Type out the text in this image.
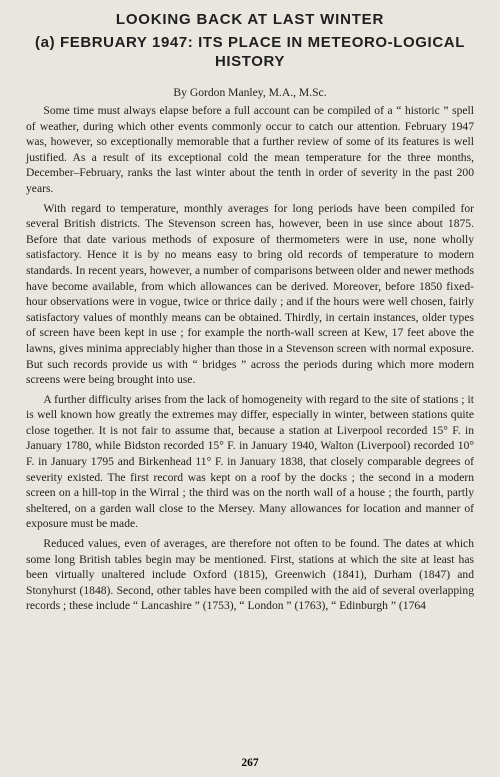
LOOKING BACK AT LAST WINTER
(a) FEBRUARY 1947: ITS PLACE IN METEORO-LOGICAL HISTORY

By Gordon Manley, M.A., M.Sc.

Some time must always elapse before a full account can be compiled of a “ historic ” spell of weather, during which other events commonly occur to catch our attention. February 1947 was, however, so exceptionally memorable that a further review of some of its features is well justified. As a result of its exceptional cold the mean temperature for the three months, December–February, ranks the last winter about the tenth in order of severity in the past 200 years.

With regard to temperature, monthly averages for long periods have been compiled for several British districts. The Stevenson screen has, however, been in use since about 1875. Before that date various methods of exposure of thermometers were in use, none wholly satisfactory. Hence it is by no means easy to bring old records of temperature to modern standards. In recent years, however, a number of comparisons between older and newer methods have become available, from which allowances can be derived. Moreover, before 1850 fixed-hour observations were in vogue, twice or thrice daily ; and if the hours were well chosen, fairly satisfactory values of monthly means can be obtained. Thirdly, in certain instances, older types of screen have been kept in use ; for example the north-wall screen at Kew, 17 feet above the lawns, gives minima appreciably higher than those in a Stevenson screen with normal exposure. But such records provide us with “ bridges ” across the periods during which more modern screens were being brought into use.

A further difficulty arises from the lack of homogeneity with regard to the site of stations ; it is well known how greatly the extremes may differ, especially in winter, between stations quite close together. It is not fair to assume that, because a station at Liverpool recorded 15° F. in January 1780, while Bidston recorded 15° F. in January 1940, Walton (Liverpool) recorded 10° F. in January 1795 and Birkenhead 11° F. in January 1838, that closely comparable degrees of severity existed. The first record was kept on a roof by the docks ; the second in a modern screen on a hill-top in the Wirral ; the third was on the north wall of a house ; the fourth, partly sheltered, on a garden wall close to the Mersey. Many allowances for location and manner of exposure must be made.

Reduced values, even of averages, are therefore not often to be found. The dates at which some long British tables begin may be mentioned. First, stations at which the site at least has been virtually unaltered include Oxford (1815), Greenwich (1841), Durham (1847) and Stonyhurst (1848). Second, other tables have been compiled with the aid of several overlapping records ; these include “ Lancashire ” (1753), “ London ” (1763), “ Edinburgh ” (1764

267
